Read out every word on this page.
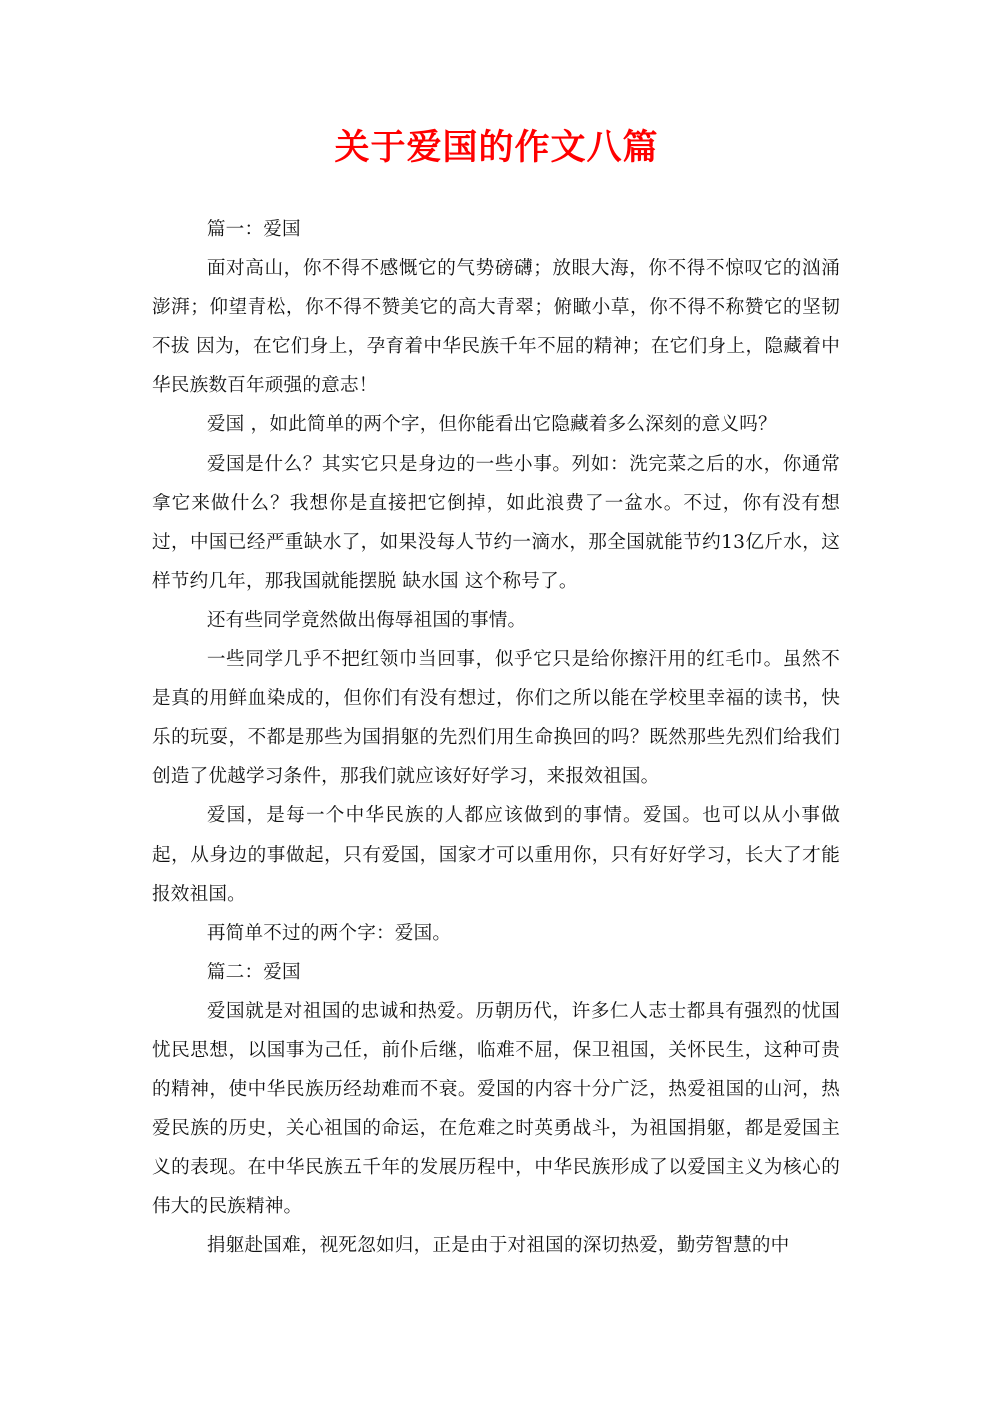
关于爱国的作文八篇

篇一：爱国

面对高山，你不得不感慨它的气势磅礴；放眼大海，你不得不惊叹它的汹涌澎湃；仰望青松，你不得不赞美它的高大青翠；俯瞰小草，你不得不称赞它的坚韧不拔 因为，在它们身上，孕育着中华民族千年不屈的精神；在它们身上，隐藏着中华民族数百年顽强的意志！

爱国 ，如此简单的两个字，但你能看出它隐藏着多么深刻的意义吗？

爱国是什么？其实它只是身边的一些小事。列如：洗完菜之后的水，你通常拿它来做什么？我想你是直接把它倒掉，如此浪费了一盆水。不过，你有没有想过，中国已经严重缺水了，如果没每人节约一滴水，那全国就能节约13亿斤水，这样节约几年，那我国就能摆脱 缺水国 这个称号了。

还有些同学竟然做出侮辱祖国的事情。

一些同学几乎不把红领巾当回事，似乎它只是给你擦汗用的红毛巾。虽然不是真的用鲜血染成的，但你们有没有想过，你们之所以能在学校里幸福的读书，快乐的玩耍，不都是那些为国捐躯的先烈们用生命换回的吗？既然那些先烈们给我们创造了优越学习条件，那我们就应该好好学习，来报效祖国。

爱国，是每一个中华民族的人都应该做到的事情。爱国。也可以从小事做起，从身边的事做起，只有爱国，国家才可以重用你，只有好好学习，长大了才能报效祖国。

再简单不过的两个字：爱国。

篇二：爱国

爱国就是对祖国的忠诚和热爱。历朝历代，许多仁人志士都具有强烈的忧国忧民思想，以国事为己任，前仆后继，临难不屈，保卫祖国，关怀民生，这种可贵的精神，使中华民族历经劫难而不衰。爱国的内容十分广泛，热爱祖国的山河，热爱民族的历史，关心祖国的命运，在危难之时英勇战斗，为祖国捐躯，都是爱国主义的表现。在中华民族五千年的发展历程中，中华民族形成了以爱国主义为核心的伟大的民族精神。

捐躯赴国难，视死忽如归，正是由于对祖国的深切热爱，勤劳智慧的中
